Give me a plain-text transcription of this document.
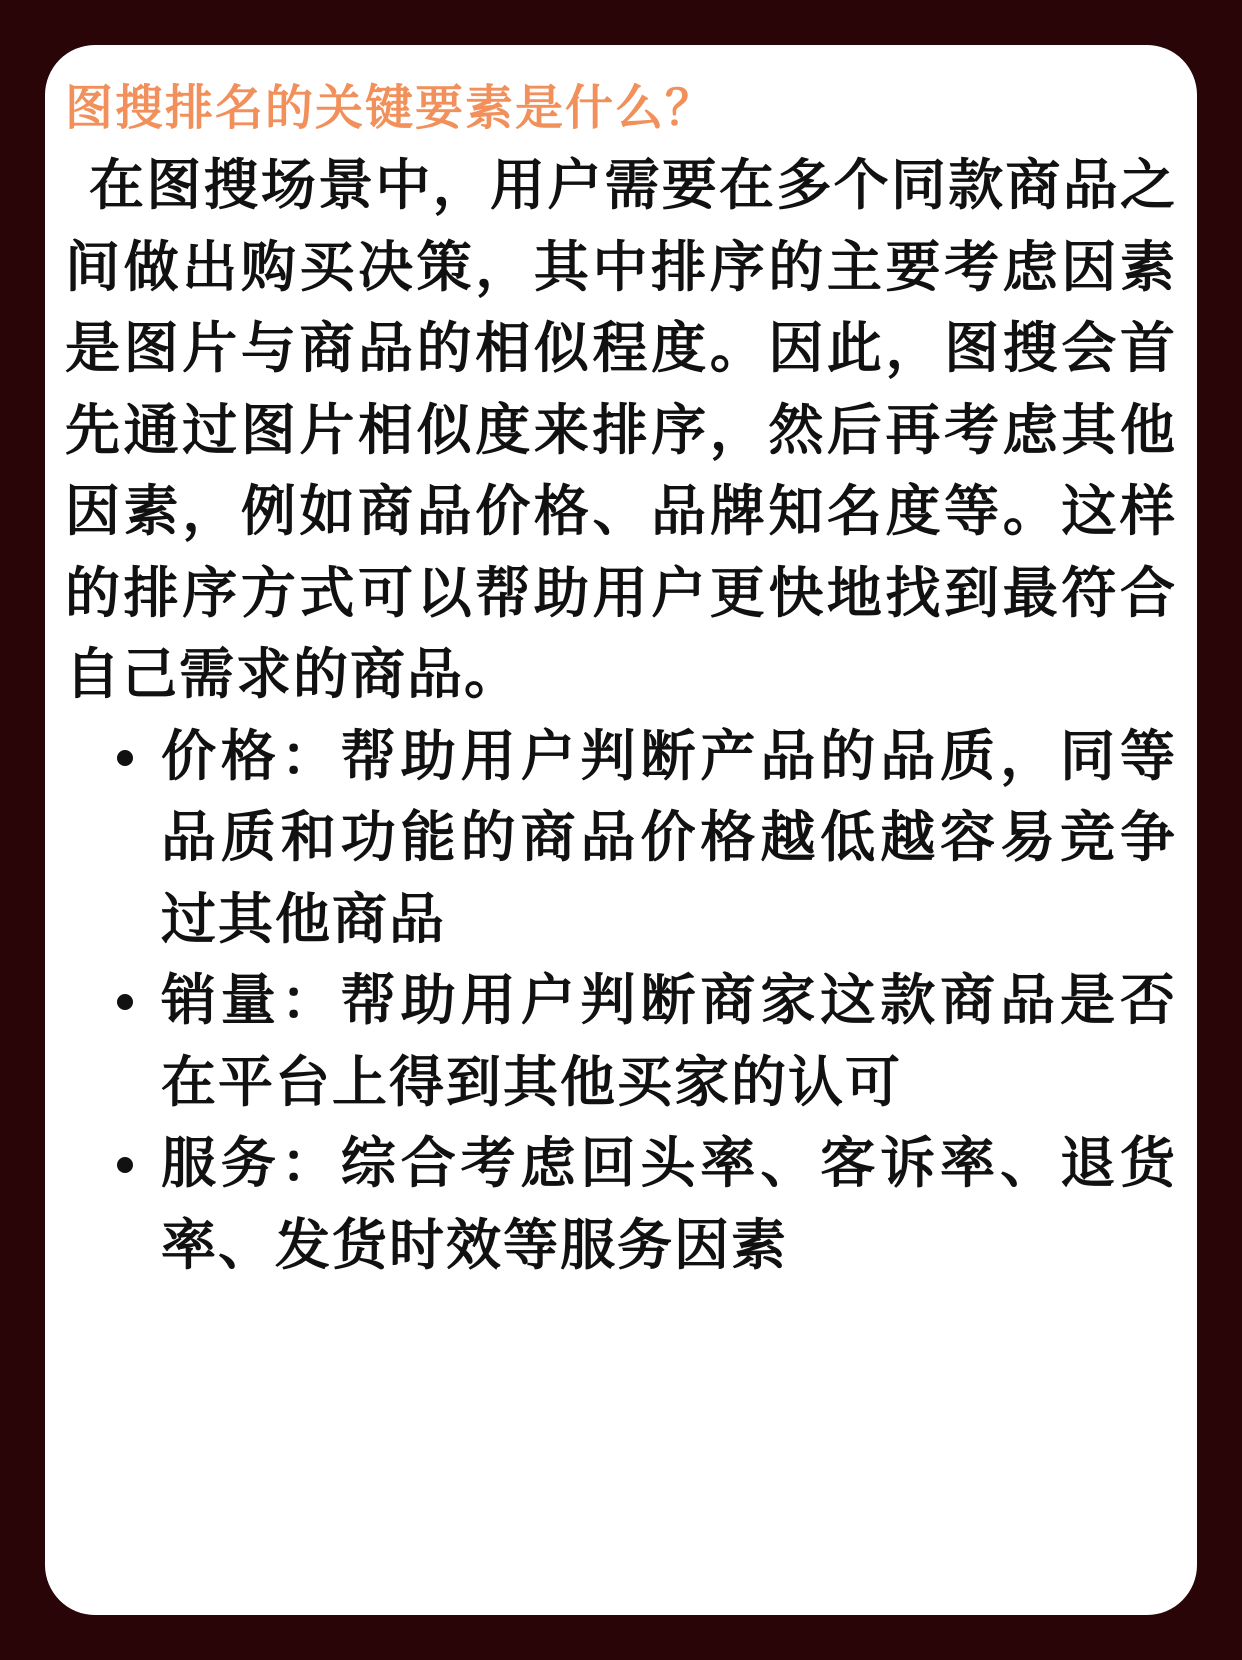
图搜排名的关键要素是什么？

在图搜场景中，用户需要在多个同款商品之间做出购买决策，其中排序的主要考虑因素是图片与商品的相似程度。因此，图搜会首先通过图片相似度来排序，然后再考虑其他因素，例如商品价格、品牌知名度等。这样的排序方式可以帮助用户更快地找到最符合自己需求的商品。

价格：帮助用户判断产品的品质，同等品质和功能的商品价格越低越容易竞争过其他商品
销量：帮助用户判断商家这款商品是否在平台上得到其他买家的认可
服务：综合考虑回头率、客诉率、退货率、发货时效等服务因素
